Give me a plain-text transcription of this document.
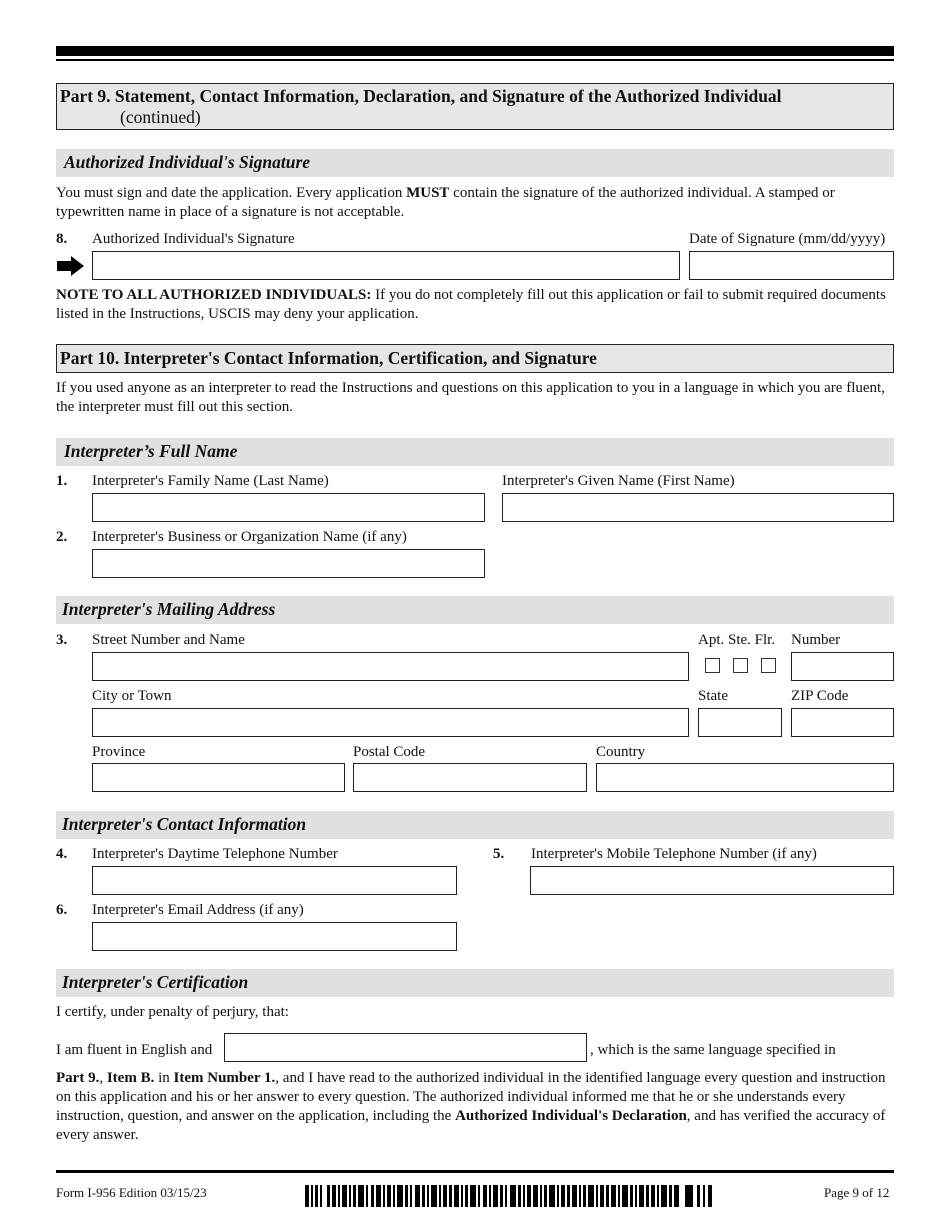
Part 9. Statement, Contact Information, Declaration, and Signature of the Authorized Individual
(continued)
Authorized Individual's Signature
You must sign and date the application. Every application MUST contain the signature of the authorized individual. A stamped or typewritten name in place of a signature is not acceptable.
8. Authorized Individual's Signature	Date of Signature (mm/dd/yyyy)
NOTE TO ALL AUTHORIZED INDIVIDUALS: If you do not completely fill out this application or fail to submit required documents listed in the Instructions, USCIS may deny your application.
Part 10. Interpreter's Contact Information, Certification, and Signature
If you used anyone as an interpreter to read the Instructions and questions on this application to you in a language in which you are fluent, the interpreter must fill out this section.
Interpreter’s Full Name
1. Interpreter's Family Name (Last Name)	Interpreter's Given Name (First Name)
2. Interpreter's Business or Organization Name (if any)
Interpreter's Mailing Address
3. Street Number and Name	Apt. Ste. Flr. Number
City or Town	State	ZIP Code
Province	Postal Code	Country
Interpreter's Contact Information
4. Interpreter's Daytime Telephone Number	5. Interpreter's Mobile Telephone Number (if any)
6. Interpreter's Email Address (if any)
Interpreter's Certification
I certify, under penalty of perjury, that:
I am fluent in English and	, which is the same language specified in
Part 9., Item B. in Item Number 1., and I have read to the authorized individual in the identified language every question and instruction on this application and his or her answer to every question. The authorized individual informed me that he or she understands every instruction, question, and answer on the application, including the Authorized Individual's Declaration, and has verified the accuracy of every answer.
Form I-956 Edition 03/15/23	Page 9 of 12
